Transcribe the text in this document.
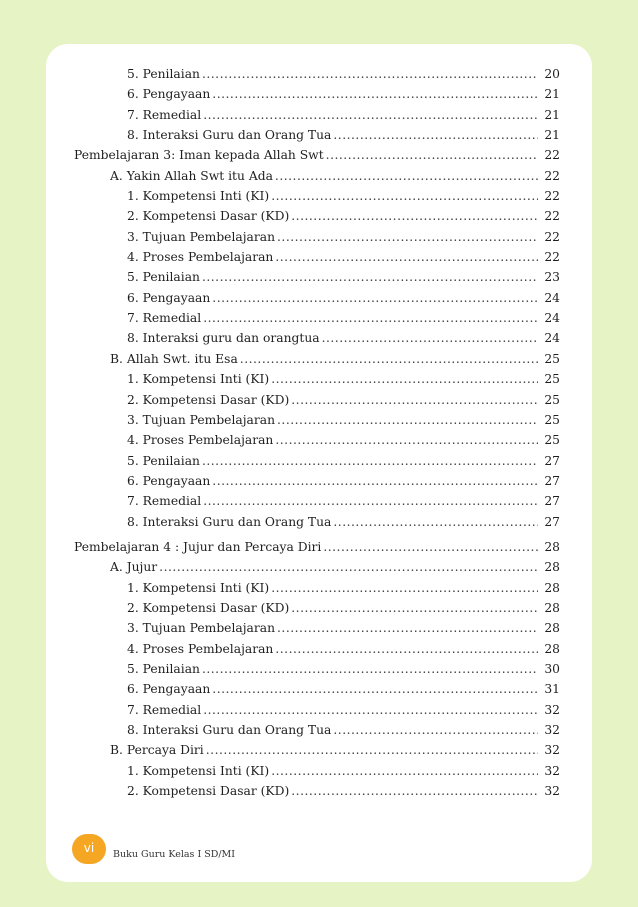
5. Penilaian .....	20
6. Pengayaan .....	21
7. Remedial .....	21
8. Interaksi Guru dan Orang Tua .....	21
Pembelajaran 3: Iman kepada Allah Swt .....	22
A. Yakin Allah Swt itu Ada .....	22
1. Kompetensi Inti (KI) .....	22
2. Kompetensi Dasar (KD) .....	22
3. Tujuan Pembelajaran .....	22
4. Proses Pembelajaran .....	22
5. Penilaian .....	23
6. Pengayaan .....	24
7. Remedial .....	24
8. Interaksi guru dan orangtua .....	24
B. Allah Swt. itu Esa .....	25
1. Kompetensi Inti (KI) .....	25
2. Kompetensi Dasar (KD) .....	25
3. Tujuan Pembelajaran .....	25
4. Proses Pembelajaran .....	25
5. Penilaian .....	27
6. Pengayaan .....	27
7. Remedial .....	27
8. Interaksi Guru dan Orang Tua .....	27
Pembelajaran 4 : Jujur dan Percaya Diri .....	28
A. Jujur .....	28
1. Kompetensi Inti (KI) .....	28
2. Kompetensi Dasar (KD) .....	28
3. Tujuan Pembelajaran .....	28
4. Proses Pembelajaran .....	28
5. Penilaian .....	30
6. Pengayaan .....	31
7. Remedial .....	32
8. Interaksi Guru dan Orang Tua .....	32
B. Percaya Diri .....	32
1. Kompetensi Inti (KI) .....	32
2. Kompetensi Dasar (KD) .....	32
vi	Buku Guru Kelas I SD/MI
